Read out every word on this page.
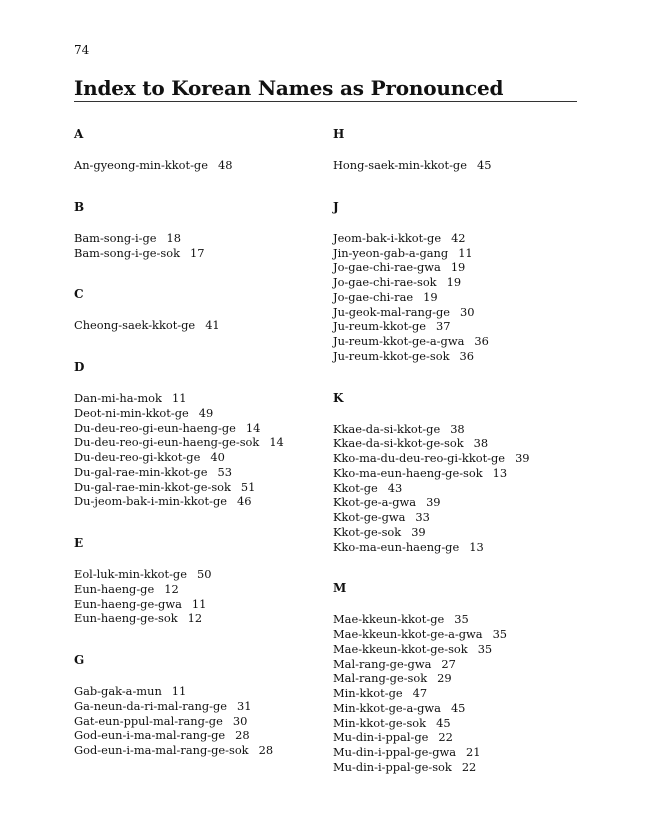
74
Index to Korean Names as Pronounced
A
An-gyeong-min-kkot-ge 48
B
Bam-song-i-ge 18
Bam-song-i-ge-sok 17
C
Cheong-saek-kkot-ge 41
D
Dan-mi-ha-mok 11
Deot-ni-min-kkot-ge 49
Du-deu-reo-gi-eun-haeng-ge 14
Du-deu-reo-gi-eun-haeng-ge-sok 14
Du-deu-reo-gi-kkot-ge 40
Du-gal-rae-min-kkot-ge 53
Du-gal-rae-min-kkot-ge-sok 51
Du-jeom-bak-i-min-kkot-ge 46
E
Eol-luk-min-kkot-ge 50
Eun-haeng-ge 12
Eun-haeng-ge-gwa 11
Eun-haeng-ge-sok 12
G
Gab-gak-a-mun 11
Ga-neun-da-ri-mal-rang-ge 31
Gat-eun-ppul-mal-rang-ge 30
God-eun-i-ma-mal-rang-ge 28
God-eun-i-ma-mal-rang-ge-sok 28
H
Hong-saek-min-kkot-ge 45
J
Jeom-bak-i-kkot-ge 42
Jin-yeon-gab-a-gang 11
Jo-gae-chi-rae-gwa 19
Jo-gae-chi-rae-sok 19
Jo-gae-chi-rae 19
Ju-geok-mal-rang-ge 30
Ju-reum-kkot-ge 37
Ju-reum-kkot-ge-a-gwa 36
Ju-reum-kkot-ge-sok 36
K
Kkae-da-si-kkot-ge 38
Kkae-da-si-kkot-ge-sok 38
Kko-ma-du-deu-reo-gi-kkot-ge 39
Kko-ma-eun-haeng-ge-sok 13
Kkot-ge 43
Kkot-ge-a-gwa 39
Kkot-ge-gwa 33
Kkot-ge-sok 39
Kko-ma-eun-haeng-ge 13
M
Mae-kkeun-kkot-ge 35
Mae-kkeun-kkot-ge-a-gwa 35
Mae-kkeun-kkot-ge-sok 35
Mal-rang-ge-gwa 27
Mal-rang-ge-sok 29
Min-kkot-ge 47
Min-kkot-ge-a-gwa 45
Min-kkot-ge-sok 45
Mu-din-i-ppal-ge 22
Mu-din-i-ppal-ge-gwa 21
Mu-din-i-ppal-ge-sok 22
